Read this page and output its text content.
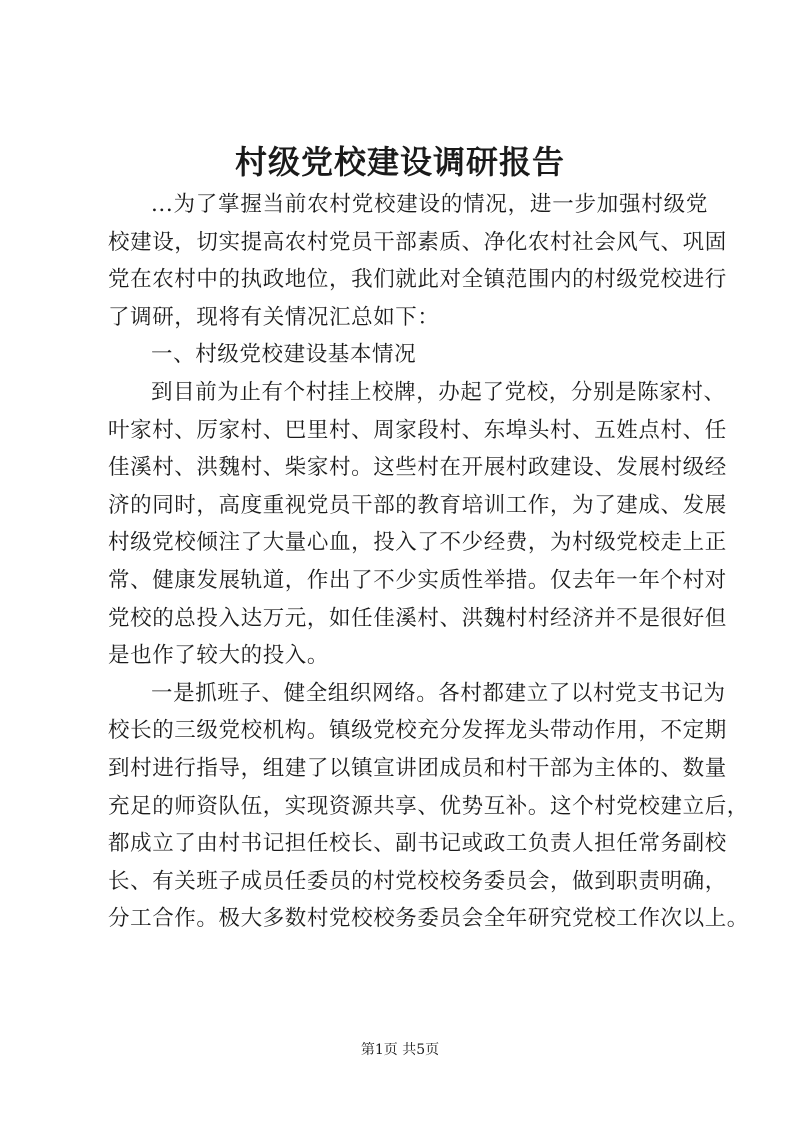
村级党校建设调研报告
...为了掌握当前农村党校建设的情况，进一步加强村级党
校建设，切实提高农村党员干部素质、净化农村社会风气、巩固
党在农村中的执政地位，我们就此对全镇范围内的村级党校进行
了调研，现将有关情况汇总如下：
一、村级党校建设基本情况
到目前为止有个村挂上校牌，办起了党校，分别是陈家村、
叶家村、厉家村、巴里村、周家段村、东埠头村、五姓点村、任
佳溪村、洪魏村、柴家村。这些村在开展村政建设、发展村级经
济的同时，高度重视党员干部的教育培训工作，为了建成、发展
村级党校倾注了大量心血，投入了不少经费，为村级党校走上正
常、健康发展轨道，作出了不少实质性举措。仅去年一年个村对
党校的总投入达万元，如任佳溪村、洪魏村村经济并不是很好但
是也作了较大的投入。
一是抓班子、健全组织网络。各村都建立了以村党支书记为
校长的三级党校机构。镇级党校充分发挥龙头带动作用，不定期
到村进行指导，组建了以镇宣讲团成员和村干部为主体的、数量
充足的师资队伍，实现资源共享、优势互补。这个村党校建立后，
都成立了由村书记担任校长、副书记或政工负责人担任常务副校
长、有关班子成员任委员的村党校校务委员会，做到职责明确，
分工合作。极大多数村党校校务委员会全年研究党校工作次以上。
第1页 共5页
